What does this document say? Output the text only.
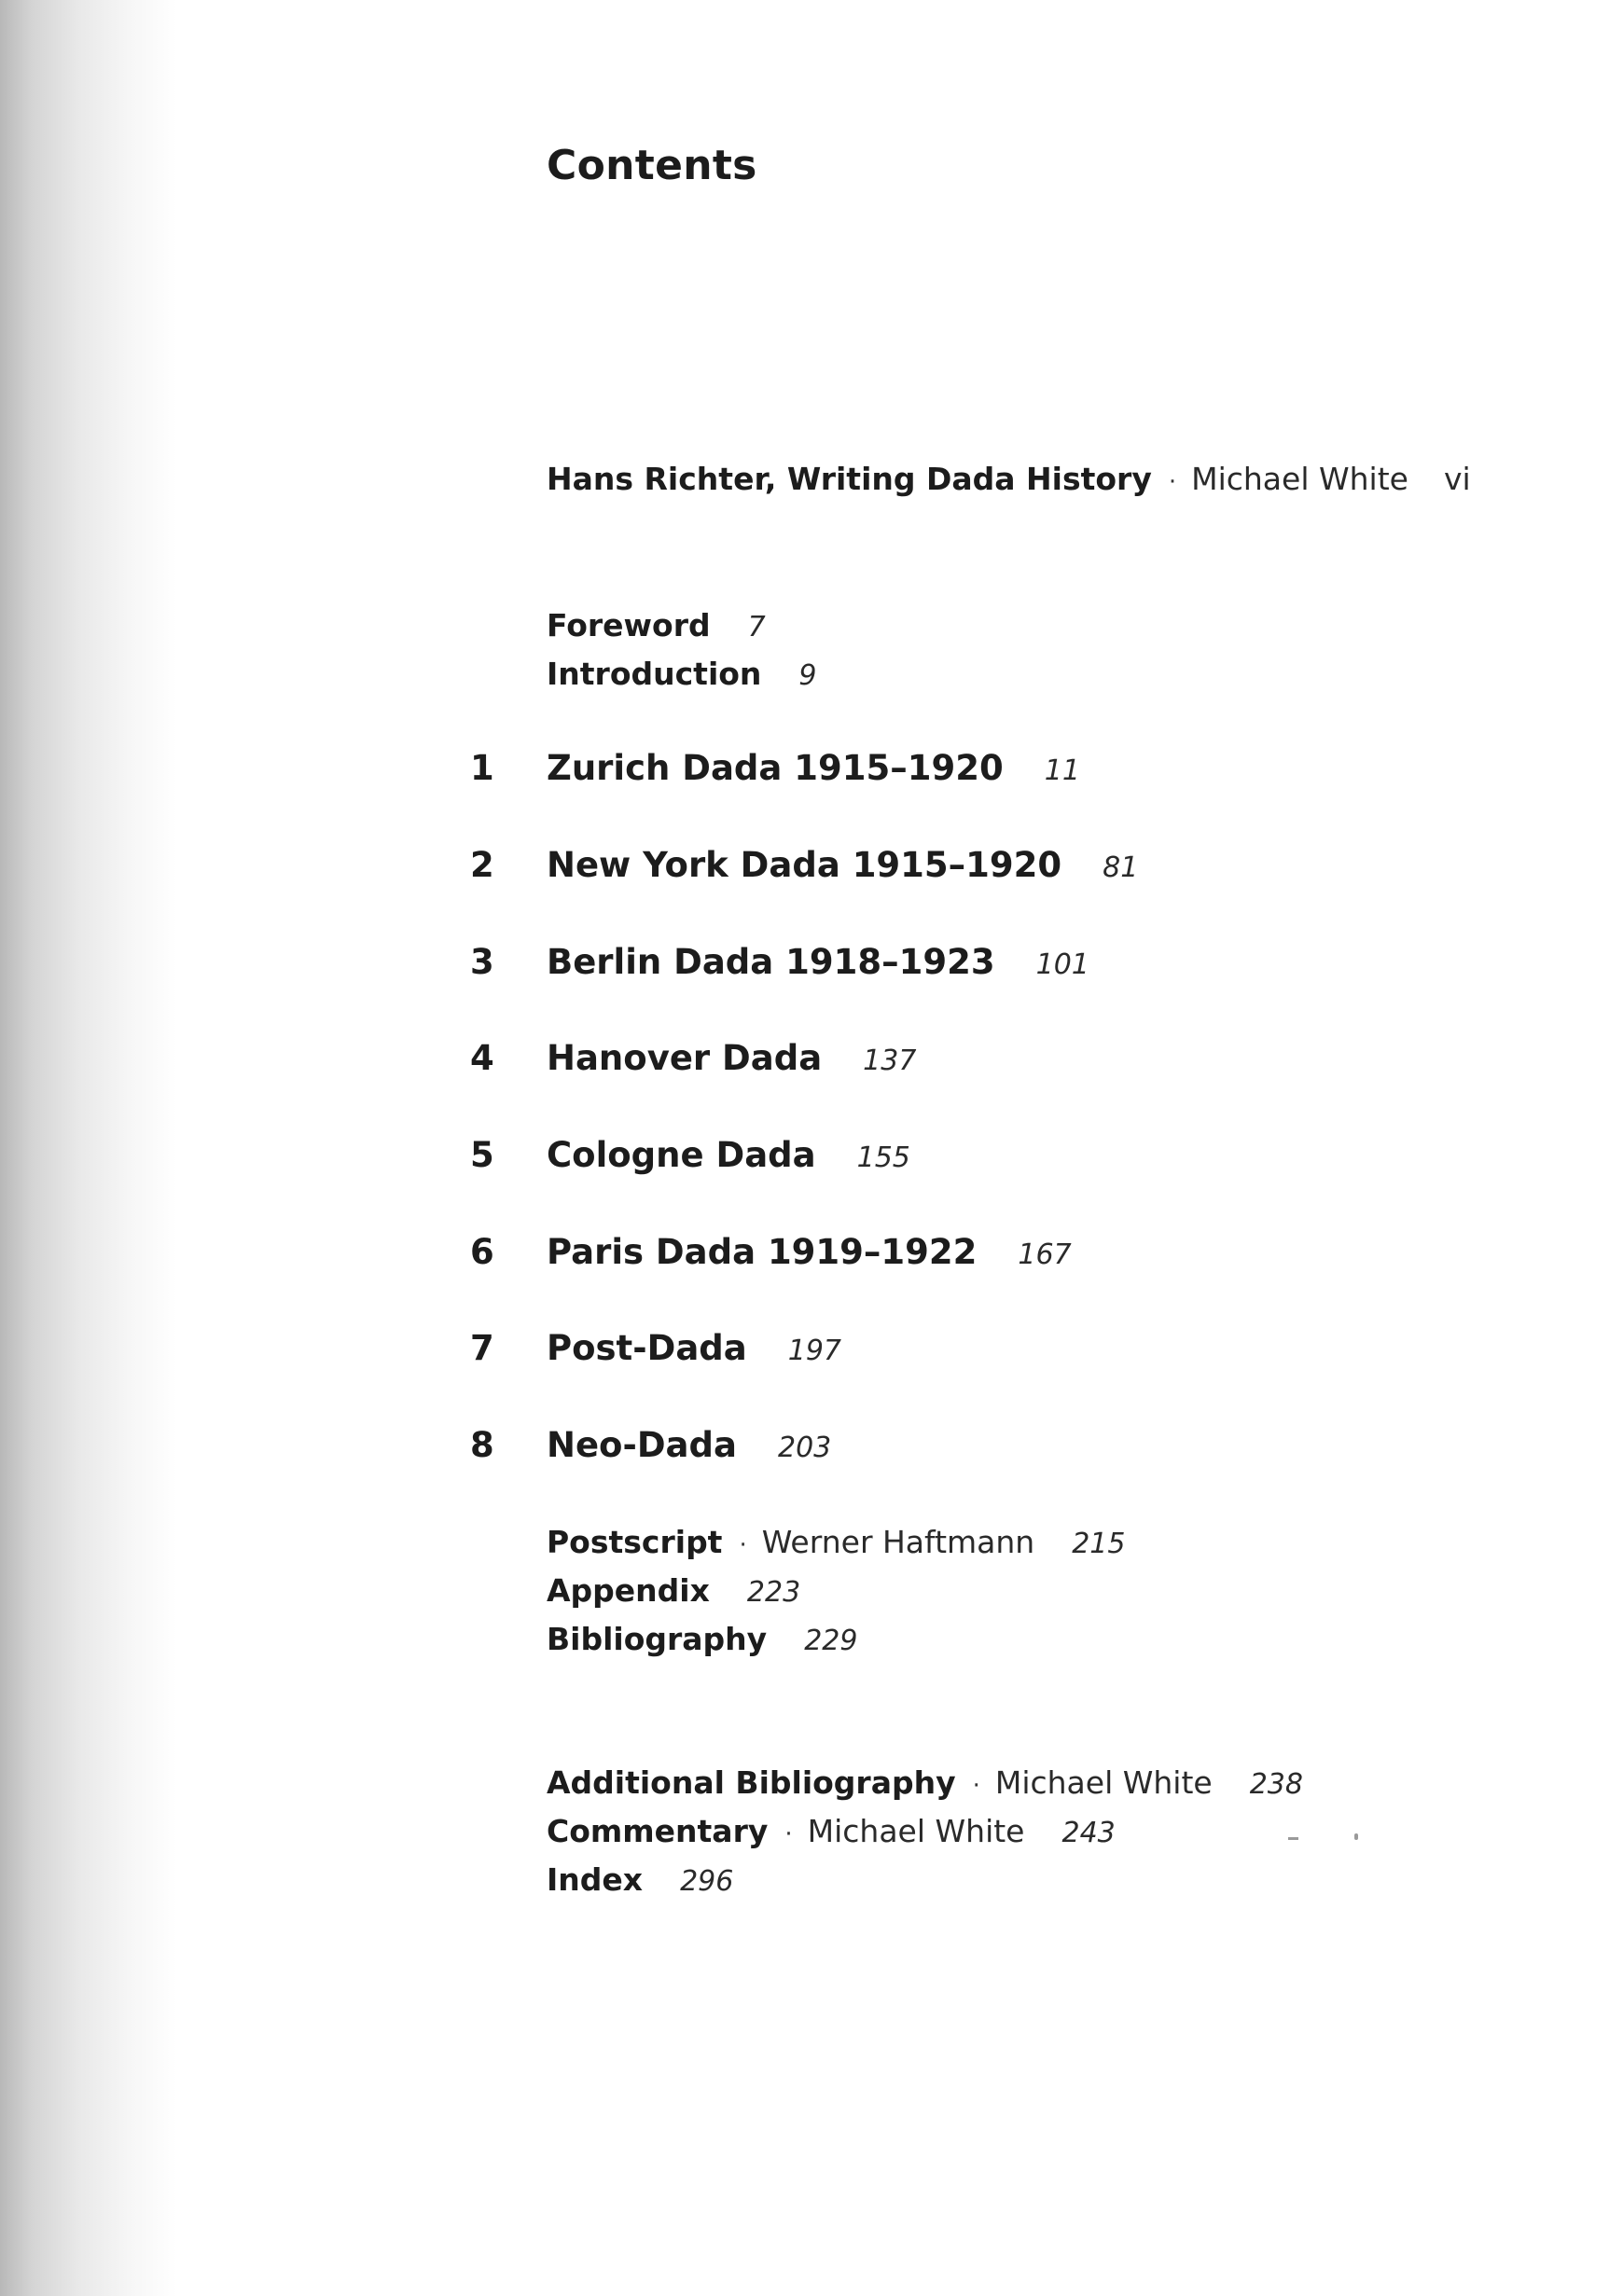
Contents
Hans Richter, Writing Dada History · Michael White vi
Foreword 7
Introduction 9
1 Zurich Dada 1915–1920 11
2 New York Dada 1915–1920 81
3 Berlin Dada 1918–1923 101
4 Hanover Dada 137
5 Cologne Dada 155
6 Paris Dada 1919–1922 167
7 Post-Dada 197
8 Neo-Dada 203
Postscript · Werner Haftmann 215
Appendix 223
Bibliography 229
Additional Bibliography · Michael White 238
Commentary · Michael White 243
Index 296
